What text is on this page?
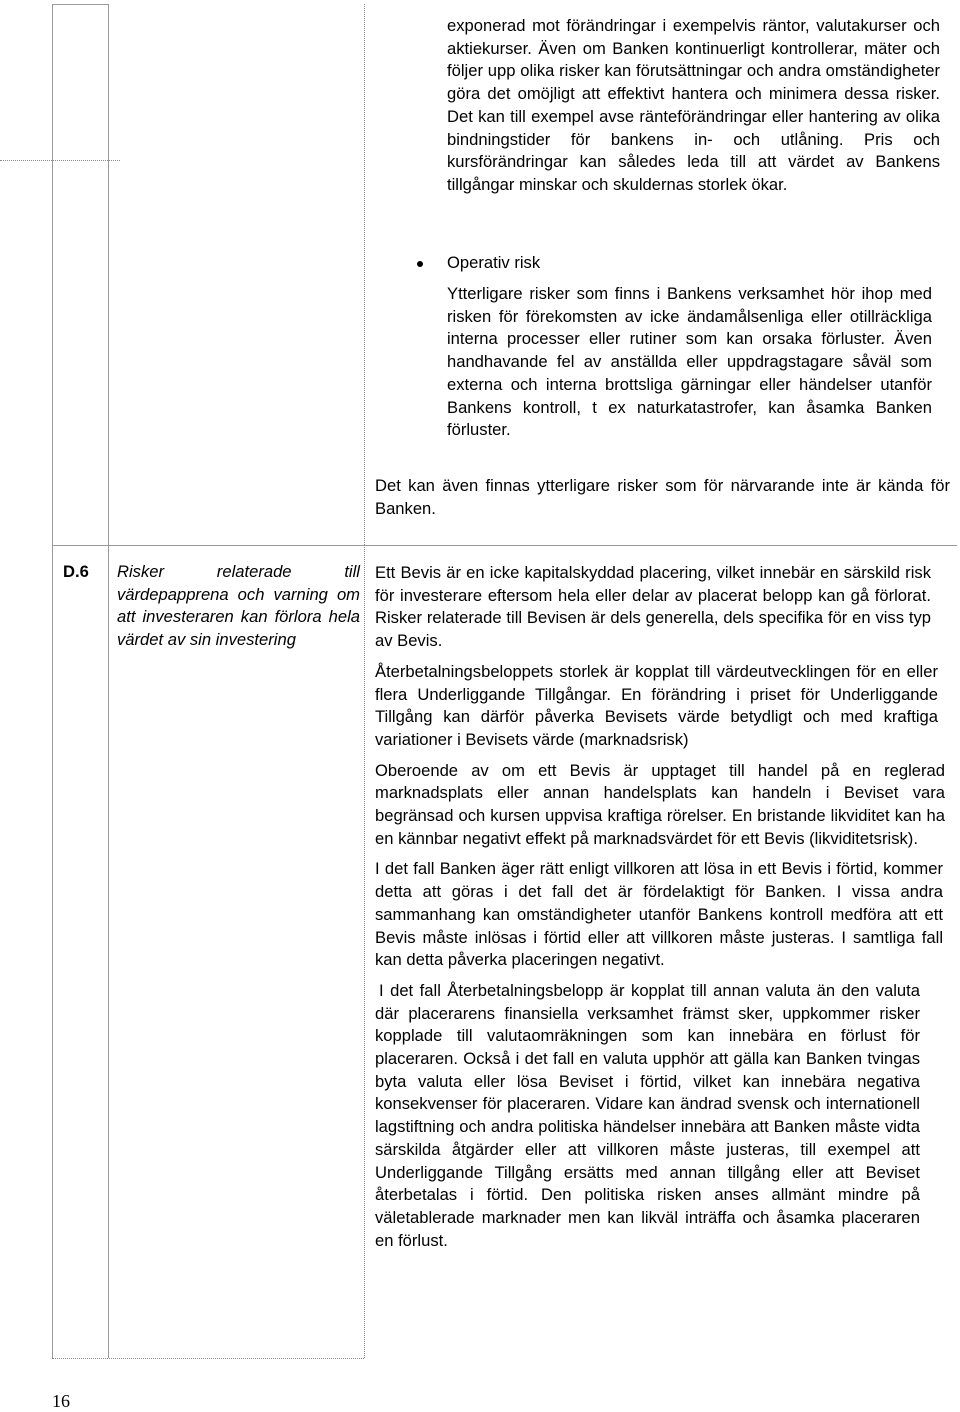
exponerad mot förändringar i exempelvis räntor, valutakurser och aktiekurser. Även om Banken kontinuerligt kontrollerar, mäter och följer upp olika risker kan förutsättningar och andra omständigheter göra det omöjligt att effektivt hantera och minimera dessa risker. Det kan till exempel avse ränteförändringar eller hantering av olika bindningstider för bankens in- och utlåning. Pris och kursförändringar kan således leda till att värdet av Bankens tillgångar minskar och skuldernas storlek ökar.
Operativ risk
Ytterligare risker som finns i Bankens verksamhet hör ihop med risken för förekomsten av icke ändamålsenliga eller otillräckliga interna processer eller rutiner som kan orsaka förluster. Även handhavande fel av anställda eller uppdragstagare såväl som externa och interna brottsliga gärningar eller händelser utanför Bankens kontroll, t ex naturkatastrofer, kan åsamka Banken förluster.
Det kan även finnas ytterligare risker som för närvarande inte är kända för Banken.
D.6 Risker relaterade till värdepapprena och varning om att investeraren kan förlora hela värdet av sin investering

Ett Bevis är en icke kapitalskyddad placering, vilket innebär en särskild risk för investerare eftersom hela eller delar av placerat belopp kan gå förlorat. Risker relaterade till Bevisen är dels generella, dels specifika för en viss typ av Bevis.

Återbetalningsbeloppets storlek är kopplat till värdeutvecklingen för en eller flera Underliggande Tillgångar. En förändring i priset för Underliggande Tillgång kan därför påverka Bevisets värde betydligt och med kraftiga variationer i Bevisets värde (marknadsrisk)

Oberoende av om ett Bevis är upptaget till handel på en reglerad marknadsplats eller annan handelsplats kan handeln i Beviset vara begränsad och kursen uppvisa kraftiga rörelser. En bristande likviditet kan ha en kännbar negativt effekt på marknadsvärdet för ett Bevis (likviditetsrisk).

I det fall Banken äger rätt enligt villkoren att lösa in ett Bevis i förtid, kommer detta att göras i det fall det är fördelaktigt för Banken. I vissa andra sammanhang kan omständigheter utanför Bankens kontroll medföra att ett Bevis måste inlösas i förtid eller att villkoren måste justeras. I samtliga fall kan detta påverka placeringen negativt.

I det fall Återbetalningsbelopp är kopplat till annan valuta än den valuta där placerarens finansiella verksamhet främst sker, uppkommer risker kopplade till valutaomräkningen som kan innebära en förlust för placeraren. Också i det fall en valuta upphör att gälla kan Banken tvingas byta valuta eller lösa Beviset i förtid, vilket kan innebära negativa konsekvenser för placeraren. Vidare kan ändrad svensk och internationell lagstiftning och andra politiska händelser innebära att Banken måste vidta särskilda åtgärder eller att villkoren måste justeras, till exempel att Underliggande Tillgång ersätts med annan tillgång eller att Beviset återbetalas i förtid. Den politiska risken anses allmänt mindre på väletablerade marknader men kan likväl inträffa och åsamka placeraren en förlust.

16
